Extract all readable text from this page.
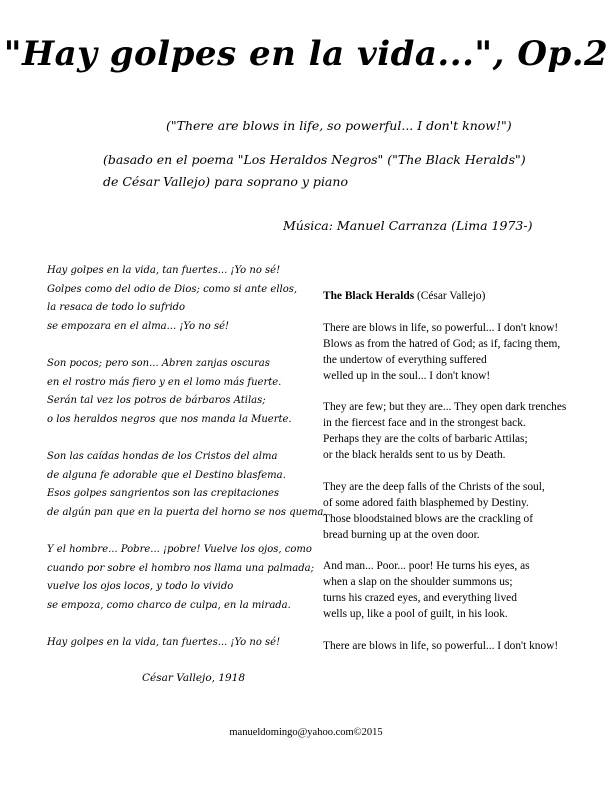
"Hay golpes en la vida...", Op.2

("There are blows in life, so powerful... I don't know!")

(basado en el poema "Los Heraldos Negros" ("The Black Heralds")

de César Vallejo) para soprano y piano

Música: Manuel Carranza (Lima 1973-)

Hay golpes en la vida, tan fuertes... ¡Yo no sé!
Golpes como del odio de Dios; como si ante ellos,
la resaca de todo lo sufrido
se empozara en el alma... ¡Yo no sé!
Son pocos; pero son... Abren zanjas oscuras
en el rostro más fiero y en el lomo más fuerte.
Serán tal vez los potros de bárbaros Atilas;
o los heraldos negros que nos manda la Muerte.
Son las caídas hondas de los Cristos del alma
de alguna fe adorable que el Destino blasfema.
Esos golpes sangrientos son las crepitaciones
de algún pan que en la puerta del horno se nos quema.
Y el hombre... Pobre... ¡pobre! Vuelve los ojos, como
cuando por sobre el hombro nos llama una palmada;
vuelve los ojos locos, y todo lo vivido
se empoza, como charco de culpa, en la mirada.
Hay golpes en la vida, tan fuertes... ¡Yo no sé!

César Vallejo, 1918

The Black Heralds (César Vallejo)
There are blows in life, so powerful... I don't know!
Blows as from the hatred of God; as if, facing them,
the undertow of everything suffered
welled up in the soul... I don't know!
They are few; but they are... They open dark trenches
in the fiercest face and in the strongest back.
Perhaps they are the colts of barbaric Attilas;
or the black heralds sent to us by Death.
They are the deep falls of the Christs of the soul,
of some adored faith blasphemed by Destiny.
Those bloodstained blows are the crackling of
bread burning up at the oven door.
And man... Poor... poor! He turns his eyes, as
when a slap on the shoulder summons us;
turns his crazed eyes, and everything lived
wells up, like a pool of guilt, in his look.
There are blows in life, so powerful... I don't know!

manueldomingo@yahoo.com©2015
